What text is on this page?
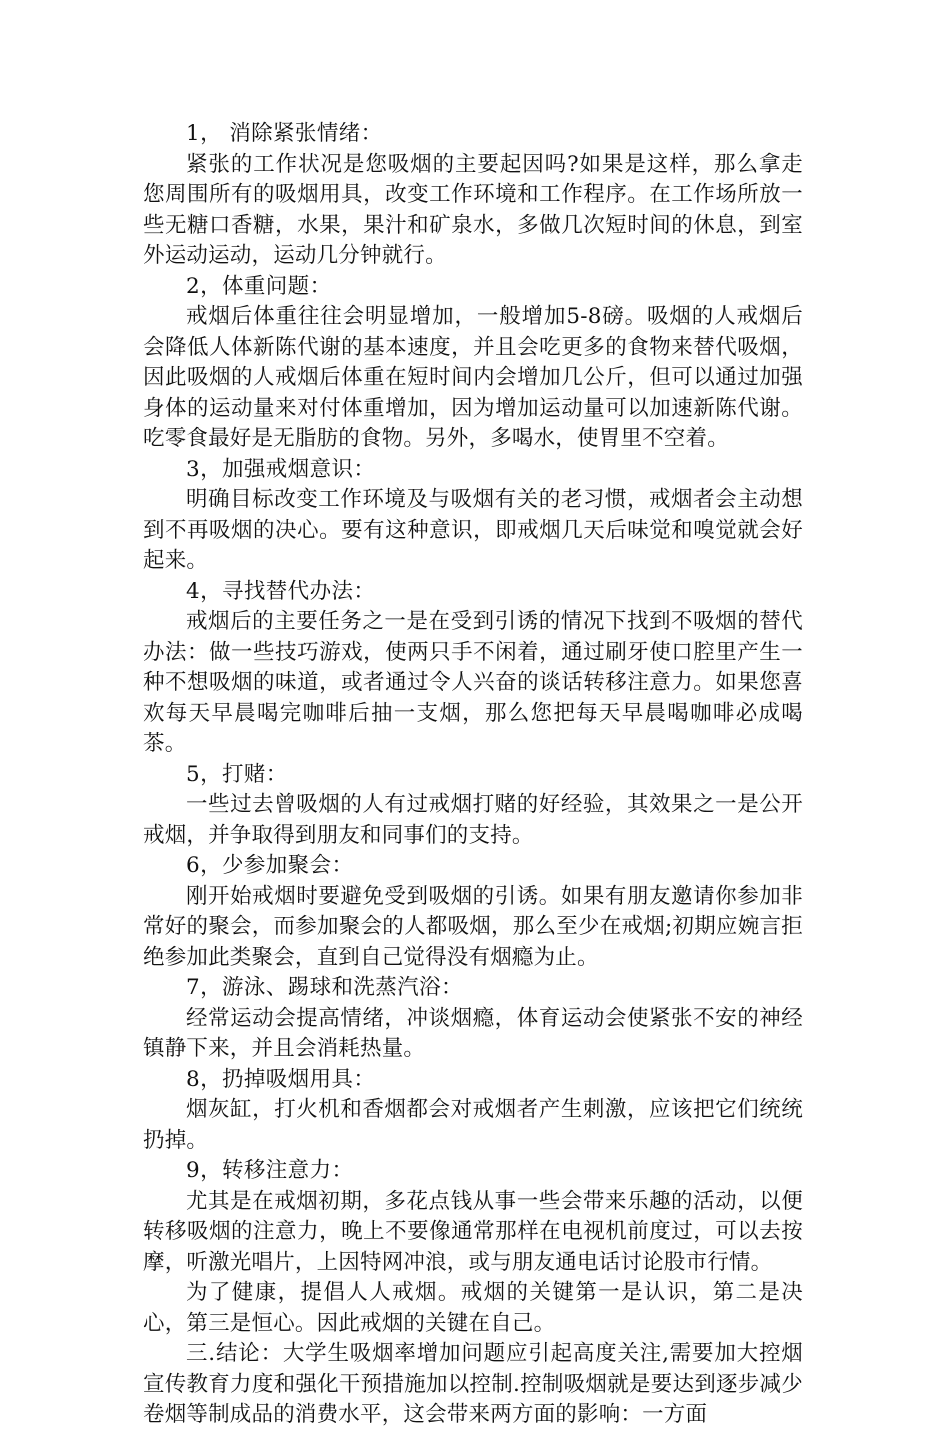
1， 消除紧张情绪：

紧张的工作状况是您吸烟的主要起因吗?如果是这样，那么拿走您周围所有的吸烟用具，改变工作环境和工作程序。在工作场所放一些无糖口香糖，水果，果汁和矿泉水，多做几次短时间的休息，到室外运动运动，运动几分钟就行。

2，体重问题：

戒烟后体重往往会明显增加，一般增加5-8磅。吸烟的人戒烟后会降低人体新陈代谢的基本速度，并且会吃更多的食物来替代吸烟，因此吸烟的人戒烟后体重在短时间内会增加几公斤，但可以通过加强身体的运动量来对付体重增加，因为增加运动量可以加速新陈代谢。吃零食最好是无脂肪的食物。另外，多喝水，使胃里不空着。

3，加强戒烟意识：

明确目标改变工作环境及与吸烟有关的老习惯，戒烟者会主动想到不再吸烟的决心。要有这种意识，即戒烟几天后味觉和嗅觉就会好起来。

4，寻找替代办法：

戒烟后的主要任务之一是在受到引诱的情况下找到不吸烟的替代办法：做一些技巧游戏，使两只手不闲着，通过刷牙使口腔里产生一种不想吸烟的味道，或者通过令人兴奋的谈话转移注意力。如果您喜欢每天早晨喝完咖啡后抽一支烟，那么您把每天早晨喝咖啡必成喝茶。

5，打赌：

一些过去曾吸烟的人有过戒烟打赌的好经验，其效果之一是公开戒烟，并争取得到朋友和同事们的支持。

6，少参加聚会：

刚开始戒烟时要避免受到吸烟的引诱。如果有朋友邀请你参加非常好的聚会，而参加聚会的人都吸烟，那么至少在戒烟;初期应婉言拒绝参加此类聚会，直到自己觉得没有烟瘾为止。

7，游泳、踢球和洗蒸汽浴：

经常运动会提高情绪，冲谈烟瘾，体育运动会使紧张不安的神经镇静下来，并且会消耗热量。

8，扔掉吸烟用具：

烟灰缸，打火机和香烟都会对戒烟者产生刺激，应该把它们统统扔掉。

9，转移注意力：

尤其是在戒烟初期，多花点钱从事一些会带来乐趣的活动，以便转移吸烟的注意力，晚上不要像通常那样在电视机前度过，可以去按摩，听激光唱片，上因特网冲浪，或与朋友通电话讨论股市行情。

为了健康，提倡人人戒烟。戒烟的关键第一是认识，第二是决心，第三是恒心。因此戒烟的关键在自己。

三.结论：大学生吸烟率增加问题应引起高度关注,需要加大控烟宣传教育力度和强化干预措施加以控制.控制吸烟就是要达到逐步减少卷烟等制成品的消费水平，这会带来两方面的影响：一方面
